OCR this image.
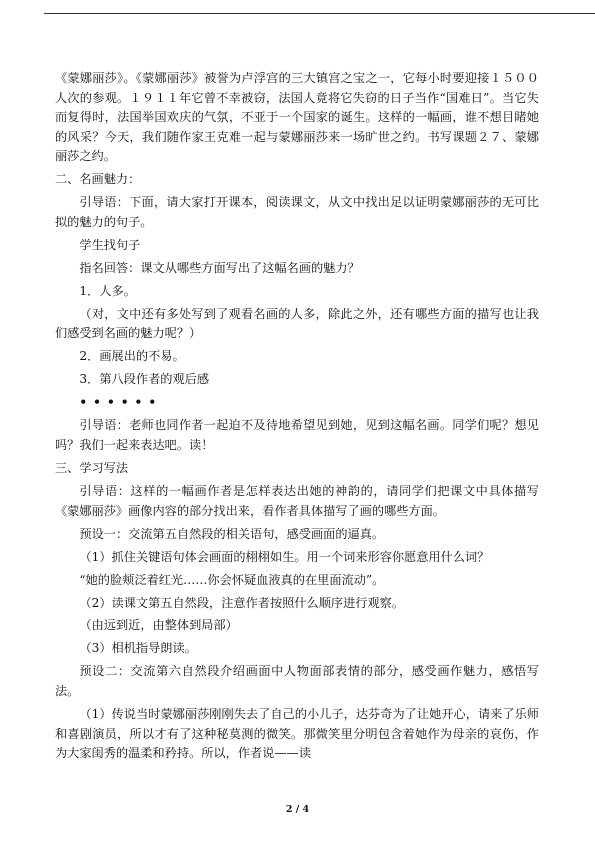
《蒙娜丽莎》。《蒙娜丽莎》被誉为卢浮宫的三大镇宫之宝之一，它每小时要迎接１５００人次的参观。１９１１年它曾不幸被窃，法国人竟将它失窃的日子当作“国难日”。当它失而复得时，法国举国欢庆的气氛，不亚于一个国家的诞生。这样的一幅画，谁不想目睹她的风采？今天，我们随作家王克难一起与蒙娜丽莎来一场旷世之约。书写课题２７、蒙娜丽莎之约。

二、名画魅力：

引导语：下面，请大家打开课本，阅读课文，从文中找出足以证明蒙娜丽莎的无可比拟的魅力的句子。

学生找句子

指名回答：课文从哪些方面写出了这幅名画的魅力？

1．人多。

（对，文中还有多处写到了观看名画的人多，除此之外，还有哪些方面的描写也让我们感受到名画的魅力呢？）

2．画展出的不易。

3．第八段作者的观后感

••••••

引导语：老师也同作者一起迫不及待地希望见到她，见到这幅名画。同学们呢？想见吗？我们一起来表达吧。读！

三、学习写法

引导语：这样的一幅画作者是怎样表达出她的神韵的，请同学们把课文中具体描写《蒙娜丽莎》画像内容的部分找出来，看作者具体描写了画的哪些方面。

预设一：交流第五自然段的相关语句，感受画面的逼真。

（1）抓住关键语句体会画面的栩栩如生。用一个词来形容你愿意用什么词？

“她的脸颊泛着红光……你会怀疑血液真的在里面流动”。

（2）读课文第五自然段，注意作者按照什么顺序进行观察。

（由远到近，由整体到局部）

（3）相机指导朗读。

预设二：交流第六自然段介绍画面中人物面部表情的部分，感受画作魅力，感悟写法。

（1）传说当时蒙娜丽莎刚刚失去了自己的小儿子，达芬奇为了让她开心，请来了乐师和喜剧演员，所以才有了这种秘莫测的微笑。那微笑里分明包含着她作为母亲的哀伤，作为大家闺秀的温柔和矜持。所以，作者说——读

2 / 4
